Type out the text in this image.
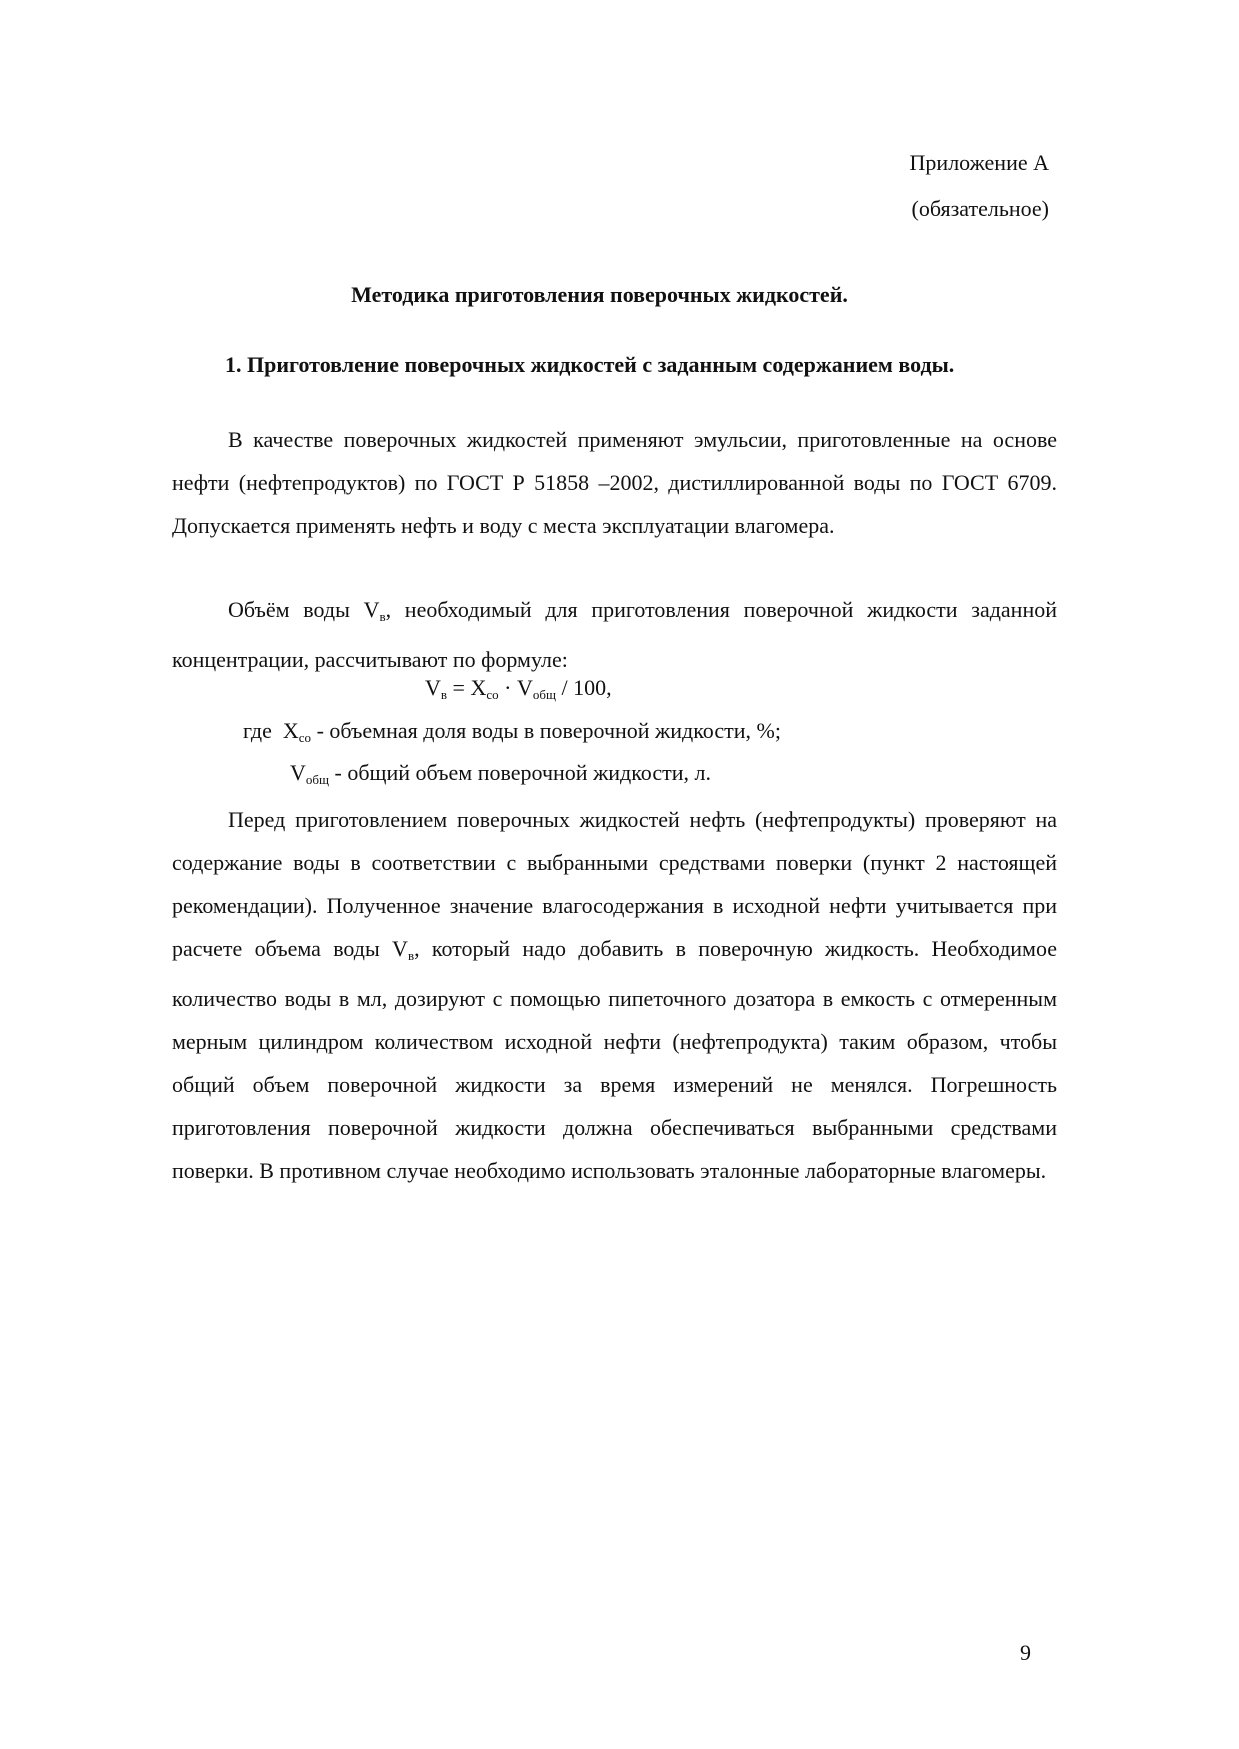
Приложение А
(обязательное)
Методика приготовления поверочных жидкостей.
1. Приготовление поверочных жидкостей с заданным содержанием воды.
В качестве поверочных жидкостей применяют эмульсии, приготовленные на основе нефти (нефтепродуктов) по ГОСТ Р 51858 –2002, дистиллированной воды по ГОСТ 6709. Допускается применять нефть и воду с места эксплуатации влагомера.
Объём воды $V_в$, необходимый для приготовления поверочной жидкости заданной концентрации, рассчитывают по формуле:
$V_в = X_{со} \cdot V_{общ} / 100$,
где  $X_{со}$ - объемная доля воды в поверочной жидкости, %;
$V_{общ}$ - общий объем поверочной жидкости, л.
Перед приготовлением поверочных жидкостей нефть (нефтепродукты) проверяют на содержание воды в соответствии с выбранными средствами поверки (пункт 2 настоящей рекомендации). Полученное значение влагосодержания в исходной нефти учитывается при расчете объема воды $V_в$, который надо добавить в поверочную жидкость. Необходимое количество воды в мл, дозируют с помощью пипеточного дозатора в емкость с отмеренным мерным цилиндром количеством исходной нефти (нефтепродукта) таким образом, чтобы общий объем поверочной жидкости за время измерений не менялся. Погрешность приготовления поверочной жидкости должна обеспечиваться выбранными средствами поверки. В противном случае необходимо использовать эталонные лабораторные влагомеры.
9
